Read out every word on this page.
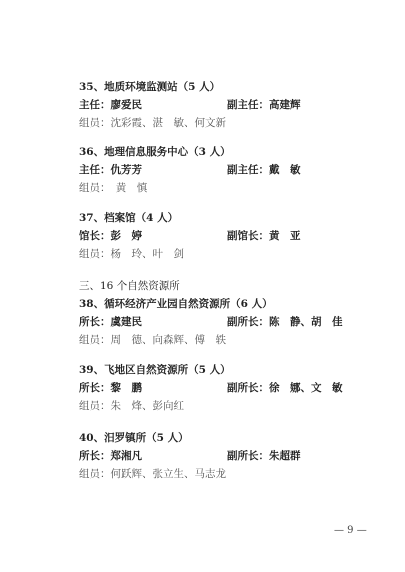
35、地质环境监测站（5 人）
主任：廖爱民	副主任：高建辉
组员：沈彩霞、湛　敏、何文新
36、地理信息服务中心（3 人）
主任：仇芳芳	副主任：戴　敏
组员：　黄　慎
37、档案馆（4 人）
馆长：彭　婷	副馆长：黄　亚
组员：杨　玲、叶　剑
三、16 个自然资源所
38、循环经济产业园自然资源所（6 人）
所长：虞建民	副所长：陈　静、胡　佳
组员：周　德、向森辉、傅　轶
39、飞地区自然资源所（5 人）
所长：黎　鹏	副所长：徐　娜、文　敏
组员：朱　烽、彭向红
40、汨罗镇所（5 人）
所长：郑湘凡	副所长：朱超群
组员：何跃辉、张立生、马志龙
— 9 —
